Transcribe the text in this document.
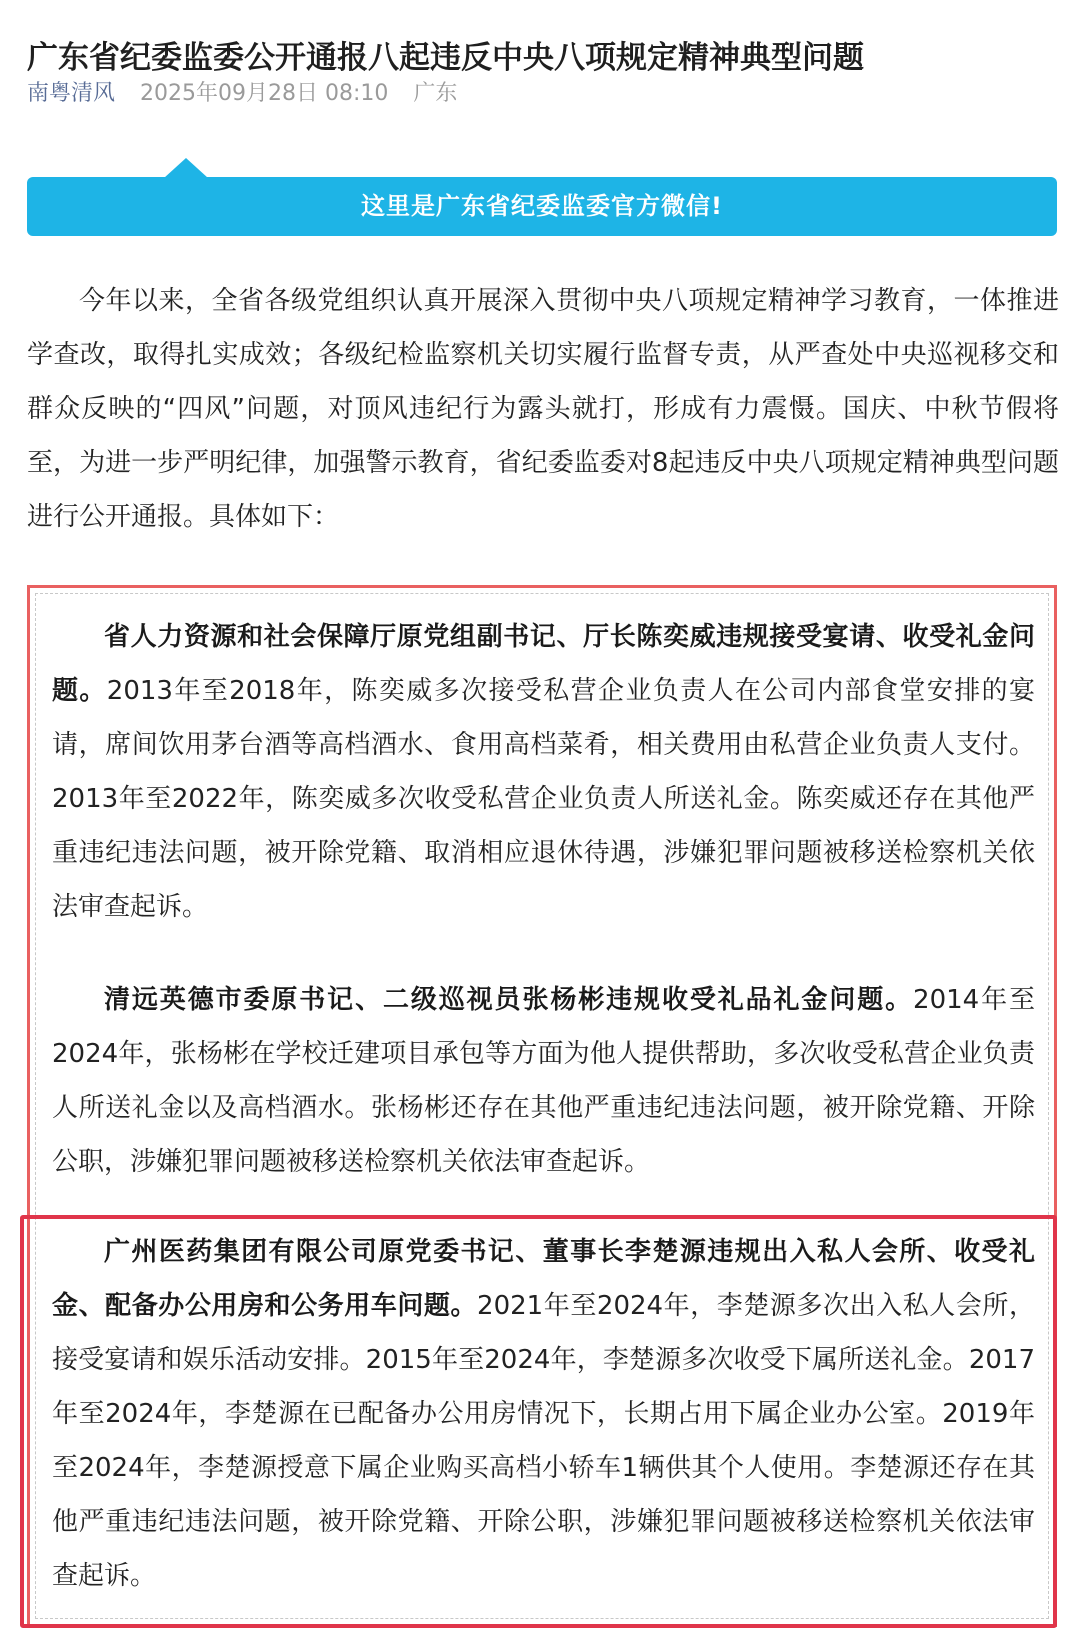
广东省纪委监委公开通报八起违反中央八项规定精神典型问题
南粤清风 2025年09月28日 08:10 广东
这里是广东省纪委监委官方微信!

今年以来，全省各级党组织认真开展深入贯彻中央八项规定精神学习教育，一体推进学查改，取得扎实成效；各级纪检监察机关切实履行监督专责，从严查处中央巡视移交和群众反映的“四风”问题，对顶风违纪行为露头就打，形成有力震慑。国庆、中秋节假将至，为进一步严明纪律，加强警示教育，省纪委监委对8起违反中央八项规定精神典型问题进行公开通报。具体如下：

省人力资源和社会保障厅原党组副书记、厅长陈奕威违规接受宴请、收受礼金问题。2013年至2018年，陈奕威多次接受私营企业负责人在公司内部食堂安排的宴请，席间饮用茅台酒等高档酒水、食用高档菜肴，相关费用由私营企业负责人支付。2013年至2022年，陈奕威多次收受私营企业负责人所送礼金。陈奕威还存在其他严重违纪违法问题，被开除党籍、取消相应退休待遇，涉嫌犯罪问题被移送检察机关依法审查起诉。

清远英德市委原书记、二级巡视员张杨彬违规收受礼品礼金问题。2014年至2024年，张杨彬在学校迁建项目承包等方面为他人提供帮助，多次收受私营企业负责人所送礼金以及高档酒水。张杨彬还存在其他严重违纪违法问题，被开除党籍、开除公职，涉嫌犯罪问题被移送检察机关依法审查起诉。

广州医药集团有限公司原党委书记、董事长李楚源违规出入私人会所、收受礼金、配备办公用房和公务用车问题。2021年至2024年，李楚源多次出入私人会所，接受宴请和娱乐活动安排。2015年至2024年，李楚源多次收受下属所送礼金。2017年至2024年，李楚源在已配备办公用房情况下，长期占用下属企业办公室。2019年至2024年，李楚源授意下属企业购买高档小轿车1辆供其个人使用。李楚源还存在其他严重违纪违法问题，被开除党籍、开除公职，涉嫌犯罪问题被移送检察机关依法审查起诉。
